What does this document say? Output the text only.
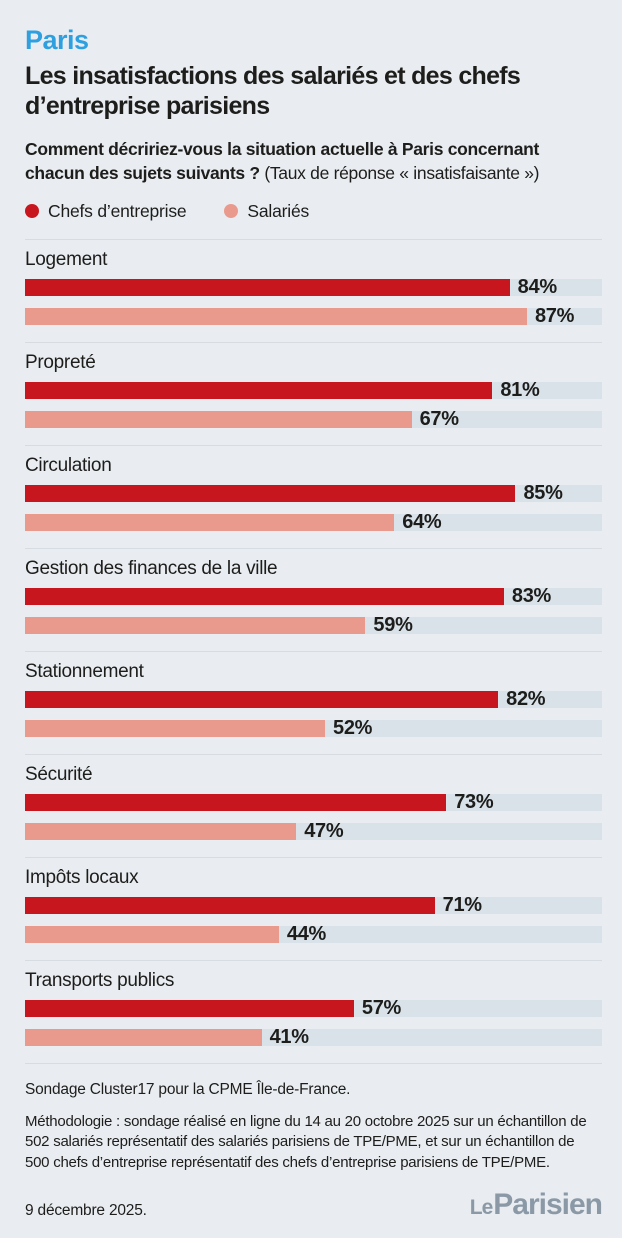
Paris
Les insatisfactions des salariés et des chefs d’entreprise parisiens

Comment décririez-vous la situation actuelle à Paris concernant chacun des sujets suivants ? (Taux de réponse « insatisfaisante »)

Chefs d’entreprise	Salariés
Logement
84%
87%
Propreté
81%
67%
Circulation
85%
64%
Gestion des finances de la ville
83%
59%
Stationnement
82%
52%
Sécurité
73%
47%
Impôts locaux
71%
44%
Transports publics
57%
41%
Sondage Cluster17 pour la CPME Île-de-France.
Méthodologie : sondage réalisé en ligne du 14 au 20 octobre 2025 sur un échantillon de 502 salariés représentatif des salariés parisiens de TPE/PME, et sur un échantillon de 500 chefs d’entreprise représentatif des chefs d’entreprise parisiens de TPE/PME.
9 décembre 2025.	LeParisien
